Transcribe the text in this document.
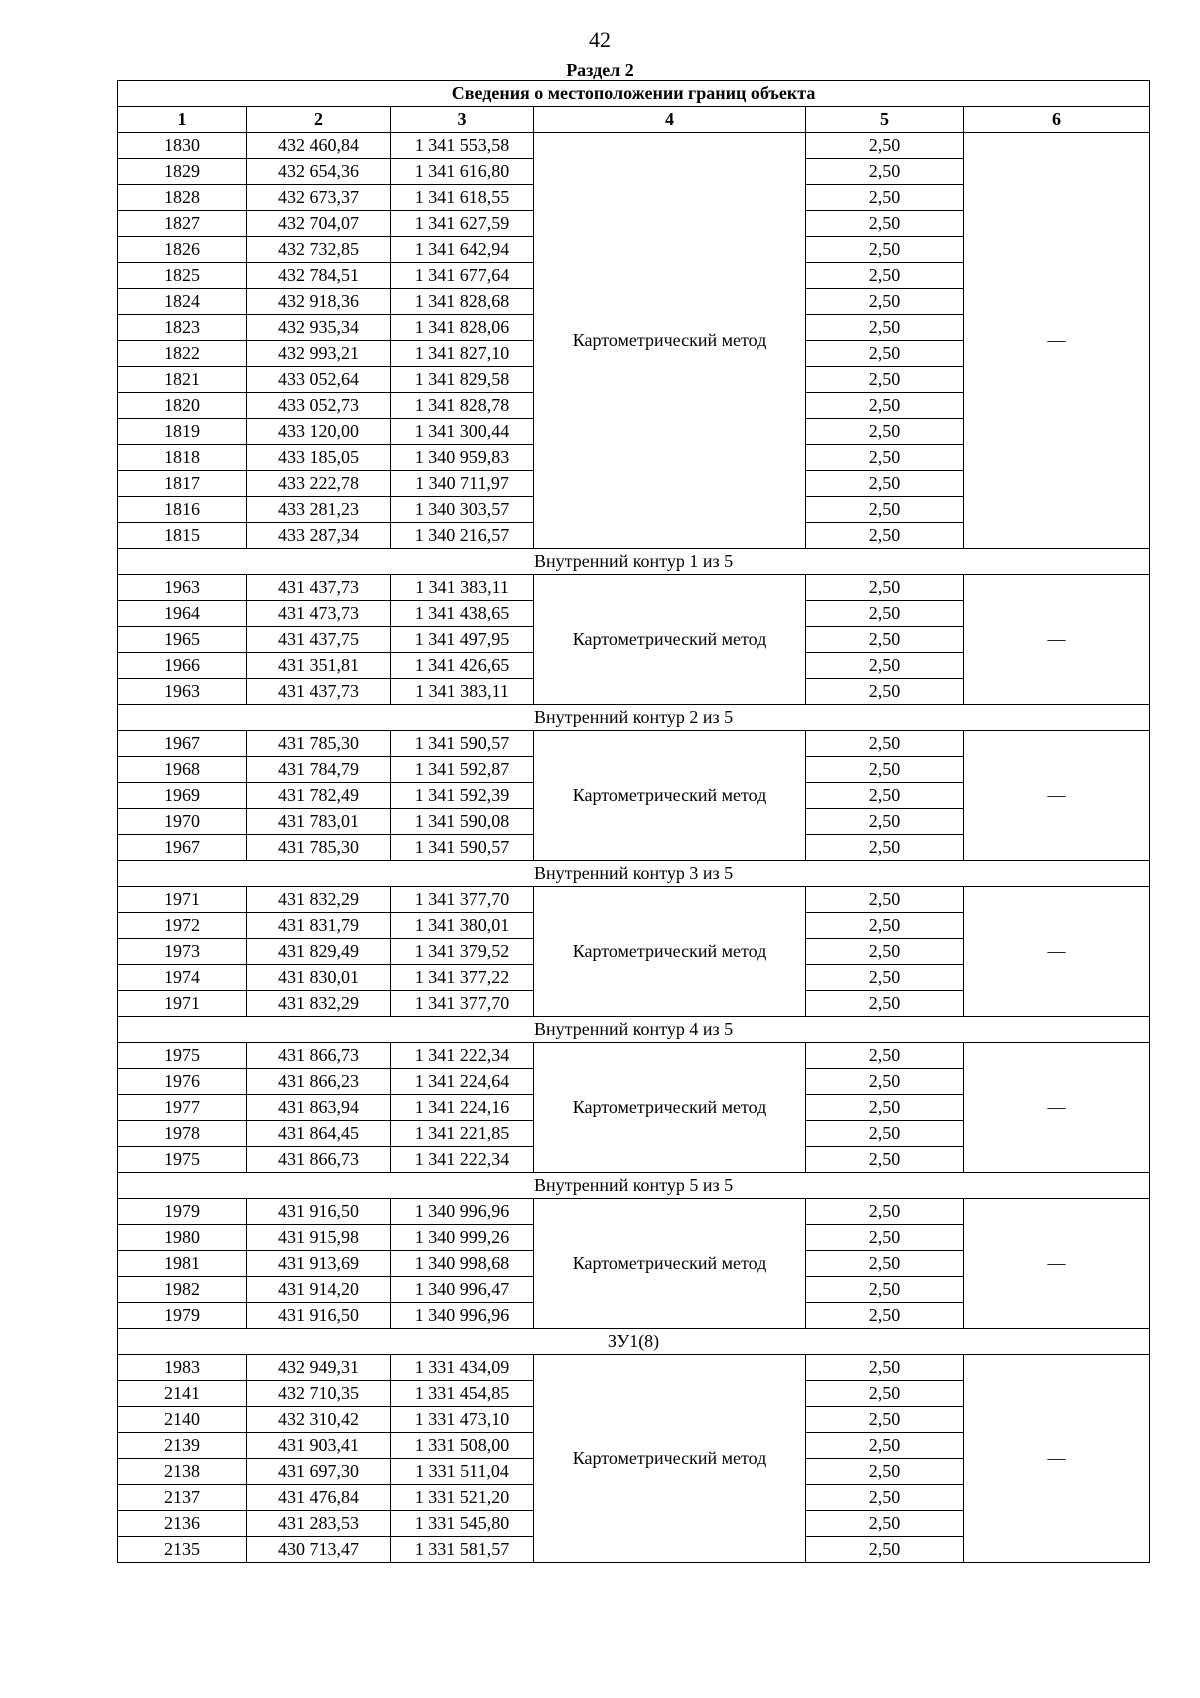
42
Раздел 2
Сведения о местоположении границ объекта					
1	2	3	4	5	6
1830	432 460,84	1 341 553,58	Картометрический метод	2,50	—
1829	432 654,36	1 341 616,80		2,50	
1828	432 673,37	1 341 618,55		2,50	
1827	432 704,07	1 341 627,59		2,50	
1826	432 732,85	1 341 642,94		2,50	
1825	432 784,51	1 341 677,64		2,50	
1824	432 918,36	1 341 828,68		2,50	
1823	432 935,34	1 341 828,06		2,50	
1822	432 993,21	1 341 827,10		2,50	
1821	433 052,64	1 341 829,58		2,50	
1820	433 052,73	1 341 828,78		2,50	
1819	433 120,00	1 341 300,44		2,50	
1818	433 185,05	1 340 959,83		2,50	
1817	433 222,78	1 340 711,97		2,50	
1816	433 281,23	1 340 303,57		2,50	
1815	433 287,34	1 340 216,57		2,50	
Внутренний контур 1 из 5					
1963	431 437,73	1 341 383,11	Картометрический метод	2,50	—
1964	431 473,73	1 341 438,65		2,50	
1965	431 437,75	1 341 497,95		2,50	
1966	431 351,81	1 341 426,65		2,50	
1963	431 437,73	1 341 383,11		2,50	
Внутренний контур 2 из 5					
1967	431 785,30	1 341 590,57	Картометрический метод	2,50	—
1968	431 784,79	1 341 592,87		2,50	
1969	431 782,49	1 341 592,39		2,50	
1970	431 783,01	1 341 590,08		2,50	
1967	431 785,30	1 341 590,57		2,50	
Внутренний контур 3 из 5					
1971	431 832,29	1 341 377,70	Картометрический метод	2,50	—
1972	431 831,79	1 341 380,01		2,50	
1973	431 829,49	1 341 379,52		2,50	
1974	431 830,01	1 341 377,22		2,50	
1971	431 832,29	1 341 377,70		2,50	
Внутренний контур 4 из 5					
1975	431 866,73	1 341 222,34	Картометрический метод	2,50	—
1976	431 866,23	1 341 224,64		2,50	
1977	431 863,94	1 341 224,16		2,50	
1978	431 864,45	1 341 221,85		2,50	
1975	431 866,73	1 341 222,34		2,50	
Внутренний контур 5 из 5					
1979	431 916,50	1 340 996,96	Картометрический метод	2,50	—
1980	431 915,98	1 340 999,26		2,50	
1981	431 913,69	1 340 998,68		2,50	
1982	431 914,20	1 340 996,47		2,50	
1979	431 916,50	1 340 996,96		2,50	
ЗУ1(8)					
1983	432 949,31	1 331 434,09	Картометрический метод	2,50	—
2141	432 710,35	1 331 454,85		2,50	
2140	432 310,42	1 331 473,10		2,50	
2139	431 903,41	1 331 508,00		2,50	
2138	431 697,30	1 331 511,04		2,50	
2137	431 476,84	1 331 521,20		2,50	
2136	431 283,53	1 331 545,80		2,50	
2135	430 713,47	1 331 581,57		2,50	
